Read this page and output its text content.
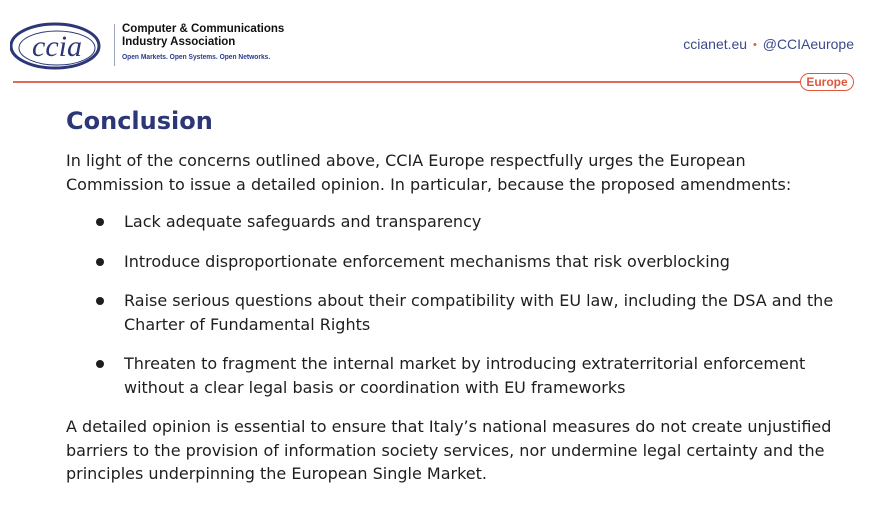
ccia
Computer & Communications
Industry Association
Open Markets. Open Systems. Open Networks.
ccianet.eu • @CCIAeurope
Europe
Conclusion

In light of the concerns outlined above, CCIA Europe respectfully urges the European Commission to issue a detailed opinion. In particular, because the proposed amendments:

Lack adequate safeguards and transparency
Introduce disproportionate enforcement mechanisms that risk overblocking
Raise serious questions about their compatibility with EU law, including the DSA and the Charter of Fundamental Rights
Threaten to fragment the internal market by introducing extraterritorial enforcement without a clear legal basis or coordination with EU frameworks

A detailed opinion is essential to ensure that Italy’s national measures do not create unjustified barriers to the provision of information society services, nor undermine legal certainty and the principles underpinning the European Single Market.
